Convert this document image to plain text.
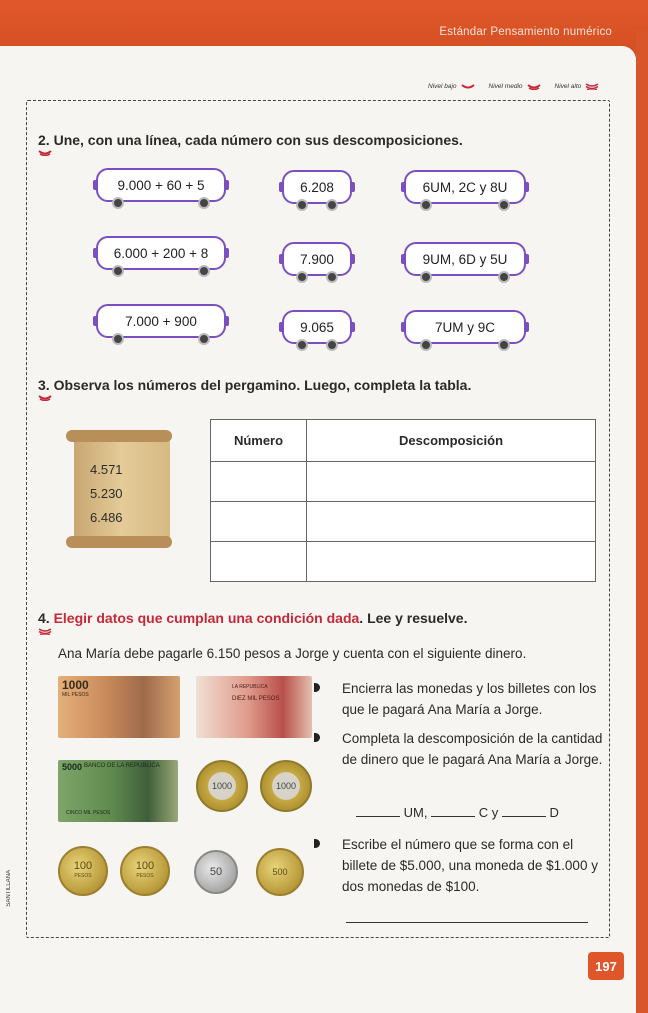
Estándar Pensamiento numérico
Nivel bajo	Nivel medio	Nivel alto
2. Une, con una línea, cada número con sus descomposiciones.
9.000 + 60 + 5	6.208	6UM, 2C y 8U
6.000 + 200 + 8	7.900	9UM, 6D y 5U
7.000 + 900	9.065	7UM y 9C
3. Observa los números del pergamino. Luego, completa la tabla.
4.571
5.230
6.486
Número	Descomposición

4. Elegir datos que cumplan una condición dada. Lee y resuelve.
Ana María debe pagarle 6.150 pesos a Jorge y cuenta con el siguiente dinero.
1000
MIL PESOS
LA REPUBLICA
DIEZ MIL PESOS
5000 BANCO DE LA REPUBLICA
CINCO MIL PESOS
1000	1000
100
PESOS
100
PESOS	50	500
Encierra las monedas y los billetes con los que le pagará Ana María a Jorge.
Completa la descomposición de la cantidad de dinero que le pagará Ana María a Jorge.
UM,	C y	D
Escribe el número que se forma con el billete de $5.000, una moneda de $1.000 y dos monedas de $100.
SANTILLANA
197
